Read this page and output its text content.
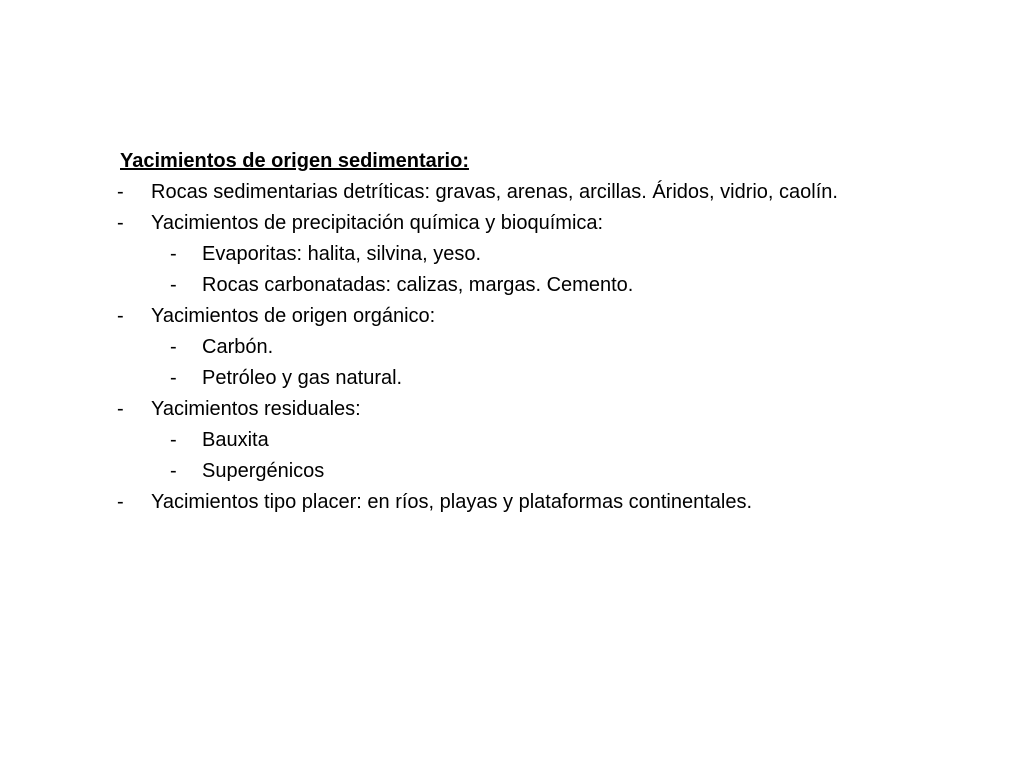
Yacimientos de origen sedimentario:
- Rocas sedimentarias detríticas: gravas, arenas, arcillas. Áridos, vidrio, caolín.
- Yacimientos de precipitación química y bioquímica:
- Evaporitas: halita, silvina, yeso.
- Rocas carbonatadas: calizas, margas. Cemento.
- Yacimientos de origen orgánico:
- Carbón.
- Petróleo y gas natural.
- Yacimientos residuales:
- Bauxita
- Supergénicos
- Yacimientos tipo placer: en ríos, playas y plataformas continentales.
